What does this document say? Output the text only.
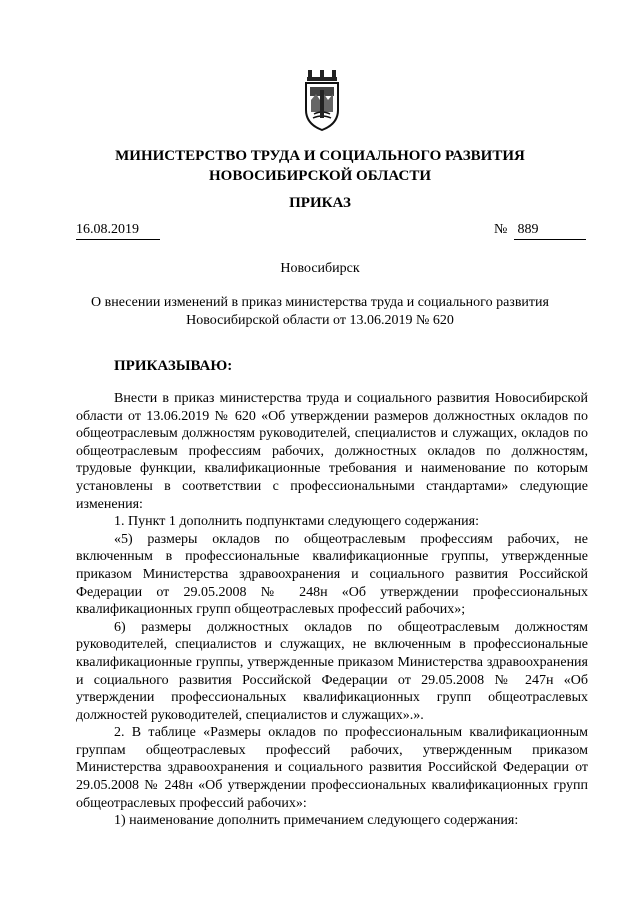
МИНИСТЕРСТВО ТРУДА И СОЦИАЛЬНОГО РАЗВИТИЯ
НОВОСИБИРСКОЙ ОБЛАСТИ
ПРИКАЗ
16.08.2019	№ 889
Новосибирск
О внесении изменений в приказ министерства труда и социального развития
Новосибирской области от 13.06.2019 № 620
ПРИКАЗЫВАЮ:

Внести в приказ министерства труда и социального развития Новосибирской области от 13.06.2019 № 620 «Об утверждении размеров должностных окладов по общеотраслевым должностям руководителей, специалистов и служащих, окладов по общеотраслевым профессиям рабочих, должностных окладов по должностям, трудовые функции, квалификационные требования и наименование по которым установлены в соответствии с профессиональными стандартами» следующие изменения:

1. Пункт 1 дополнить подпунктами следующего содержания:

«5) размеры окладов по общеотраслевым профессиям рабочих, не включенным в профессиональные квалификационные группы, утвержденные приказом Министерства здравоохранения и социального развития Российской Федерации от 29.05.2008 № 248н «Об утверждении профессиональных квалификационных групп общеотраслевых профессий рабочих»;

6) размеры должностных окладов по общеотраслевым должностям руководителей, специалистов и служащих, не включенным в профессиональные квалификационные группы, утвержденные приказом Министерства здравоохранения и социального развития Российской Федерации от 29.05.2008 № 247н «Об утверждении профессиональных квалификационных групп общеотраслевых должностей руководителей, специалистов и служащих».».

2. В таблице «Размеры окладов по профессиональным квалификационным группам общеотраслевых профессий рабочих, утвержденным приказом Министерства здравоохранения и социального развития Российской Федерации от 29.05.2008 № 248н «Об утверждении профессиональных квалификационных групп общеотраслевых профессий рабочих»:

1) наименование дополнить примечанием следующего содержания:
